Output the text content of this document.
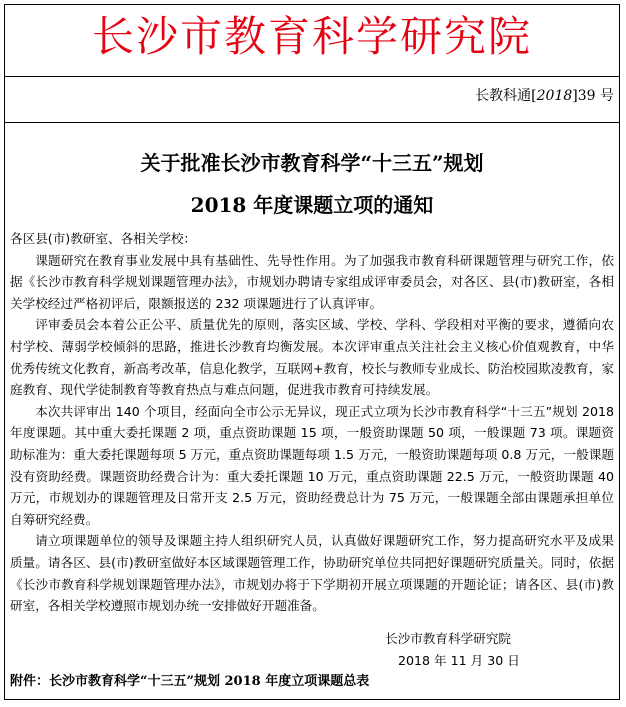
长沙市教育科学研究院
长教科通[2018]39 号
关于批准长沙市教育科学“十三五”规划
2018 年度课题立项的通知

各区县(市)教研室、各相关学校：

课题研究在教育事业发展中具有基础性、先导性作用。为了加强我市教育科研课题管理与研究工作，依据《长沙市教育科学规划课题管理办法》，市规划办聘请专家组成评审委员会，对各区、县(市)教研室，各相关学校经过严格初评后，限额报送的 232 项课题进行了认真评审。

评审委员会本着公正公平、质量优先的原则，落实区域、学校、学科、学段相对平衡的要求，遵循向农村学校、薄弱学校倾斜的思路，推进长沙教育均衡发展。本次评审重点关注社会主义核心价值观教育，中华优秀传统文化教育，新高考改革，信息化教学，互联网+教育，校长与教师专业成长、防治校园欺凌教育，家庭教育、现代学徒制教育等教育热点与难点问题，促进我市教育可持续发展。

本次共评审出 140 个项目，经面向全市公示无异议，现正式立项为长沙市教育科学“十三五”规划 2018 年度课题。其中重大委托课题 2 项，重点资助课题 15 项，一般资助课题 50 项，一般课题 73 项。课题资助标准为：重大委托课题每项 5 万元，重点资助课题每项 1.5 万元，一般资助课题每项 0.8 万元，一般课题没有资助经费。课题资助经费合计为：重大委托课题 10 万元，重点资助课题 22.5 万元，一般资助课题 40 万元，市规划办的课题管理及日常开支 2.5 万元，资助经费总计为 75 万元，一般课题全部由课题承担单位自筹研究经费。

请立项课题单位的领导及课题主持人组织研究人员，认真做好课题研究工作，努力提高研究水平及成果质量。请各区、县(市)教研室做好本区域课题管理工作，协助研究单位共同把好课题研究质量关。同时，依据《长沙市教育科学规划课题管理办法》，市规划办将于下学期初开展立项课题的开题论证；请各区、县(市)教研室，各相关学校遵照市规划办统一安排做好开题准备。

长沙市教育科学研究院
2018 年 11 月 30 日
附件：长沙市教育科学“十三五”规划 2018 年度立项课题总表
